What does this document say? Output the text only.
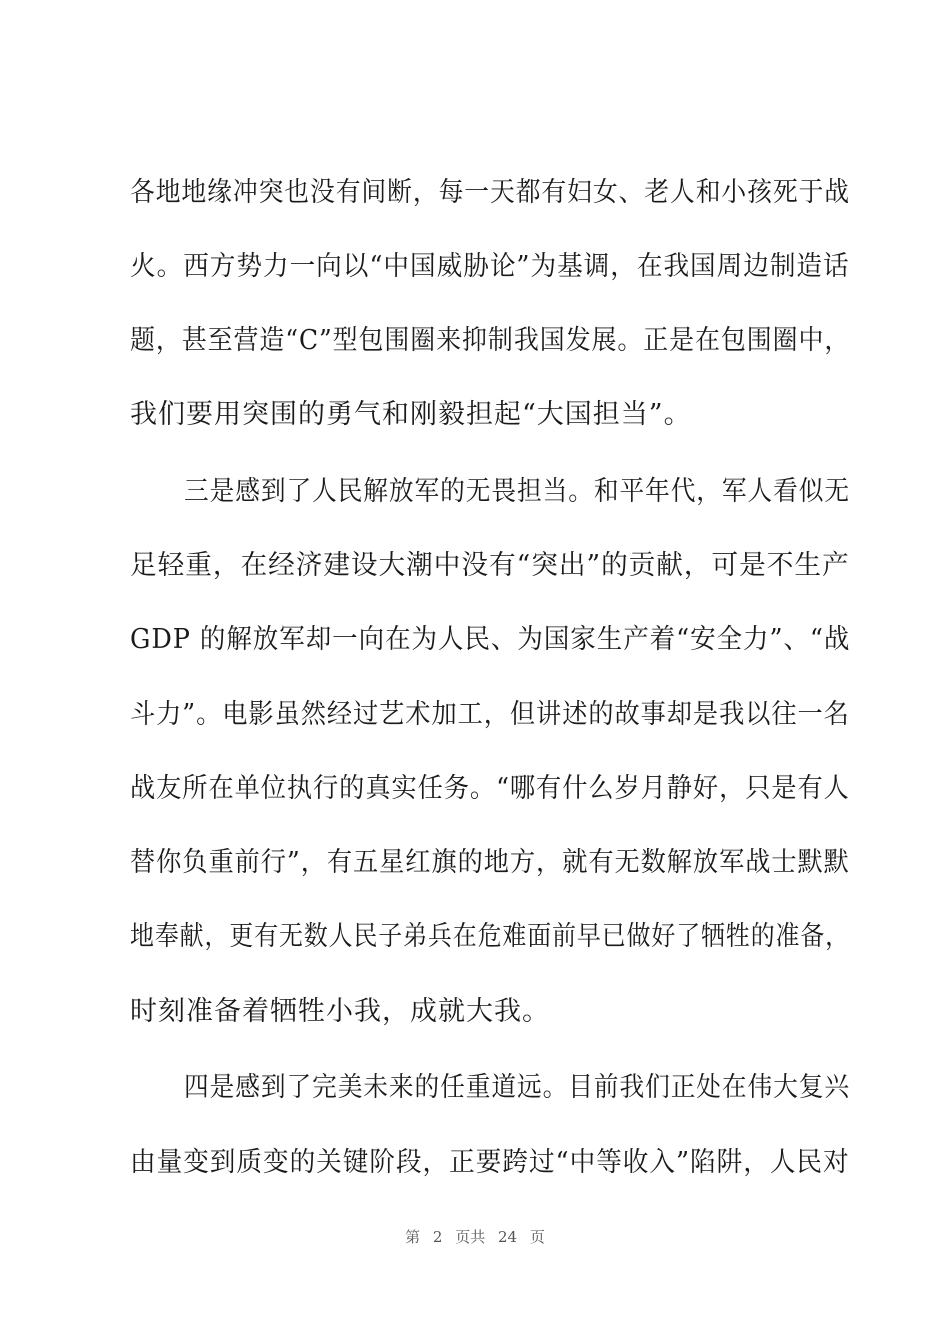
各地地缘冲突也没有间断，每一天都有妇女、老人和小孩死于战
火。西方势力一向以“中国威胁论”为基调，在我国周边制造话
题，甚至营造“C”型包围圈来抑制我国发展。正是在包围圈中，
我们要用突围的勇气和刚毅担起“大国担当”。
三是感到了人民解放军的无畏担当。和平年代，军人看似无
足轻重，在经济建设大潮中没有“突出”的贡献，可是不生产
GDP 的解放军却一向在为人民、为国家生产着“安全力”、“战
斗力”。电影虽然经过艺术加工，但讲述的故事却是我以往一名
战友所在单位执行的真实任务。“哪有什么岁月静好，只是有人
替你负重前行”，有五星红旗的地方，就有无数解放军战士默默
地奉献，更有无数人民子弟兵在危难面前早已做好了牺牲的准备，
时刻准备着牺牲小我，成就大我。
四是感到了完美未来的任重道远。目前我们正处在伟大复兴
由量变到质变的关键阶段，正要跨过“中等收入”陷阱，人民对
第 2 页共 24 页
